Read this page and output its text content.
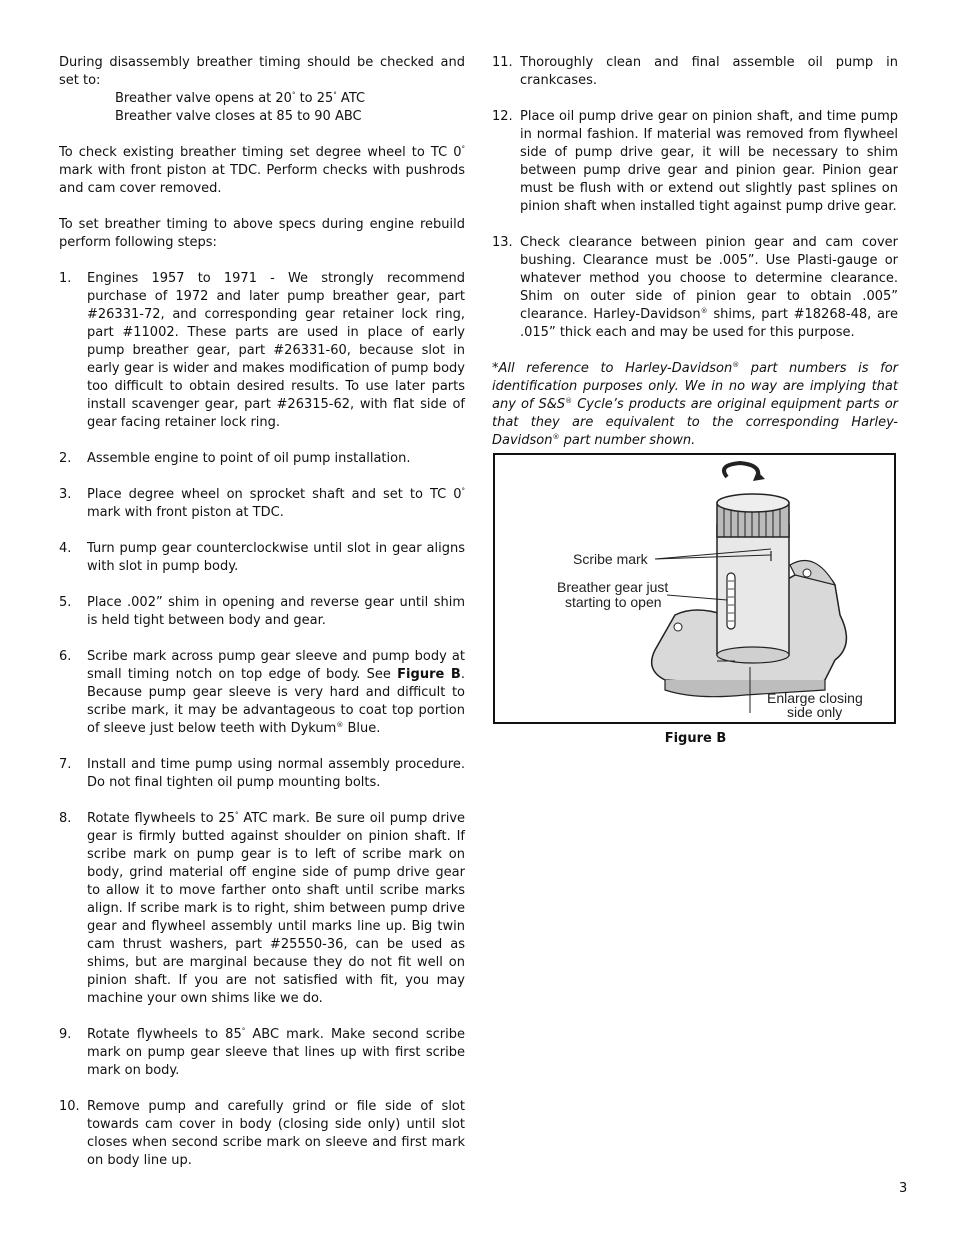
During disassembly breather timing should be checked and set to:

Breather valve opens at 20° to 25° ATC

Breather valve closes at 85 to 90 ABC

To check existing breather timing set degree wheel to TC 0° mark with front piston at TDC. Perform checks with pushrods and cam cover removed.

To set breather timing to above specs during engine rebuild perform following steps:

1.	Engines 1957 to 1971 - We strongly recommend purchase of 1972 and later pump breather gear, part #26331-72, and corresponding gear retainer lock ring, part #11002. These parts are used in place of early pump breather gear, part #26331-60, because slot in early gear is wider and makes modification of pump body too difficult to obtain desired results. To use later parts install scavenger gear, part #26315-62, with flat side of gear facing retainer lock ring.
2.	Assemble engine to point of oil pump installation.
3.	Place degree wheel on sprocket shaft and set to TC 0° mark with front piston at TDC.
4.	Turn pump gear counterclockwise until slot in gear aligns with slot in pump body.
5.	Place .002” shim in opening and reverse gear until shim is held tight between body and gear.
6.	Scribe mark across pump gear sleeve and pump body at small timing notch on top edge of body. See Figure B. Because pump gear sleeve is very hard and difficult to scribe mark, it may be advantageous to coat top portion of sleeve just below teeth with Dykum® Blue.
7.	Install and time pump using normal assembly procedure. Do not final tighten oil pump mounting bolts.
8.	Rotate flywheels to 25° ATC mark. Be sure oil pump drive gear is firmly butted against shoulder on pinion shaft. If scribe mark on pump gear is to left of scribe mark on body, grind material off engine side of pump drive gear to allow it to move farther onto shaft until scribe marks align. If scribe mark is to right, shim between pump drive gear and flywheel assembly until marks line up. Big twin cam thrust washers, part #25550-36, can be used as shims, but are marginal because they do not fit well on pinion shaft. If you are not satisfied with fit, you may machine your own shims like we do.
9.	Rotate flywheels to 85° ABC mark. Make second scribe mark on pump gear sleeve that lines up with first scribe mark on body.
10. Remove pump and carefully grind or file side of slot towards cam cover in body (closing side only) until slot closes when second scribe mark on sleeve and first mark on body line up.
11. Thoroughly clean and final assemble oil pump in crankcases.
12. Place oil pump drive gear on pinion shaft, and time pump in normal fashion. If material was removed from flywheel side of pump drive gear, it will be necessary to shim between pump drive gear and pinion gear. Pinion gear must be flush with or extend out slightly past splines on pinion shaft when installed tight against pump drive gear.
13. Check clearance between pinion gear and cam cover bushing. Clearance must be .005”. Use Plasti-gauge or whatever method you choose to determine clearance. Shim on outer side of pinion gear to obtain .005” clearance. Harley-Davidson® shims, part #18268-48, are .015” thick each and may be used for this purpose.

*All reference to Harley-Davidson® part numbers is for identification purposes only. We in no way are implying that any of S&S® Cycle’s products are original equipment parts or that they are equivalent to the corresponding Harley-Davidson® part number shown.

Scribe mark
Breather gear just
starting to open
Enlarge closing
side only
Figure B
3
